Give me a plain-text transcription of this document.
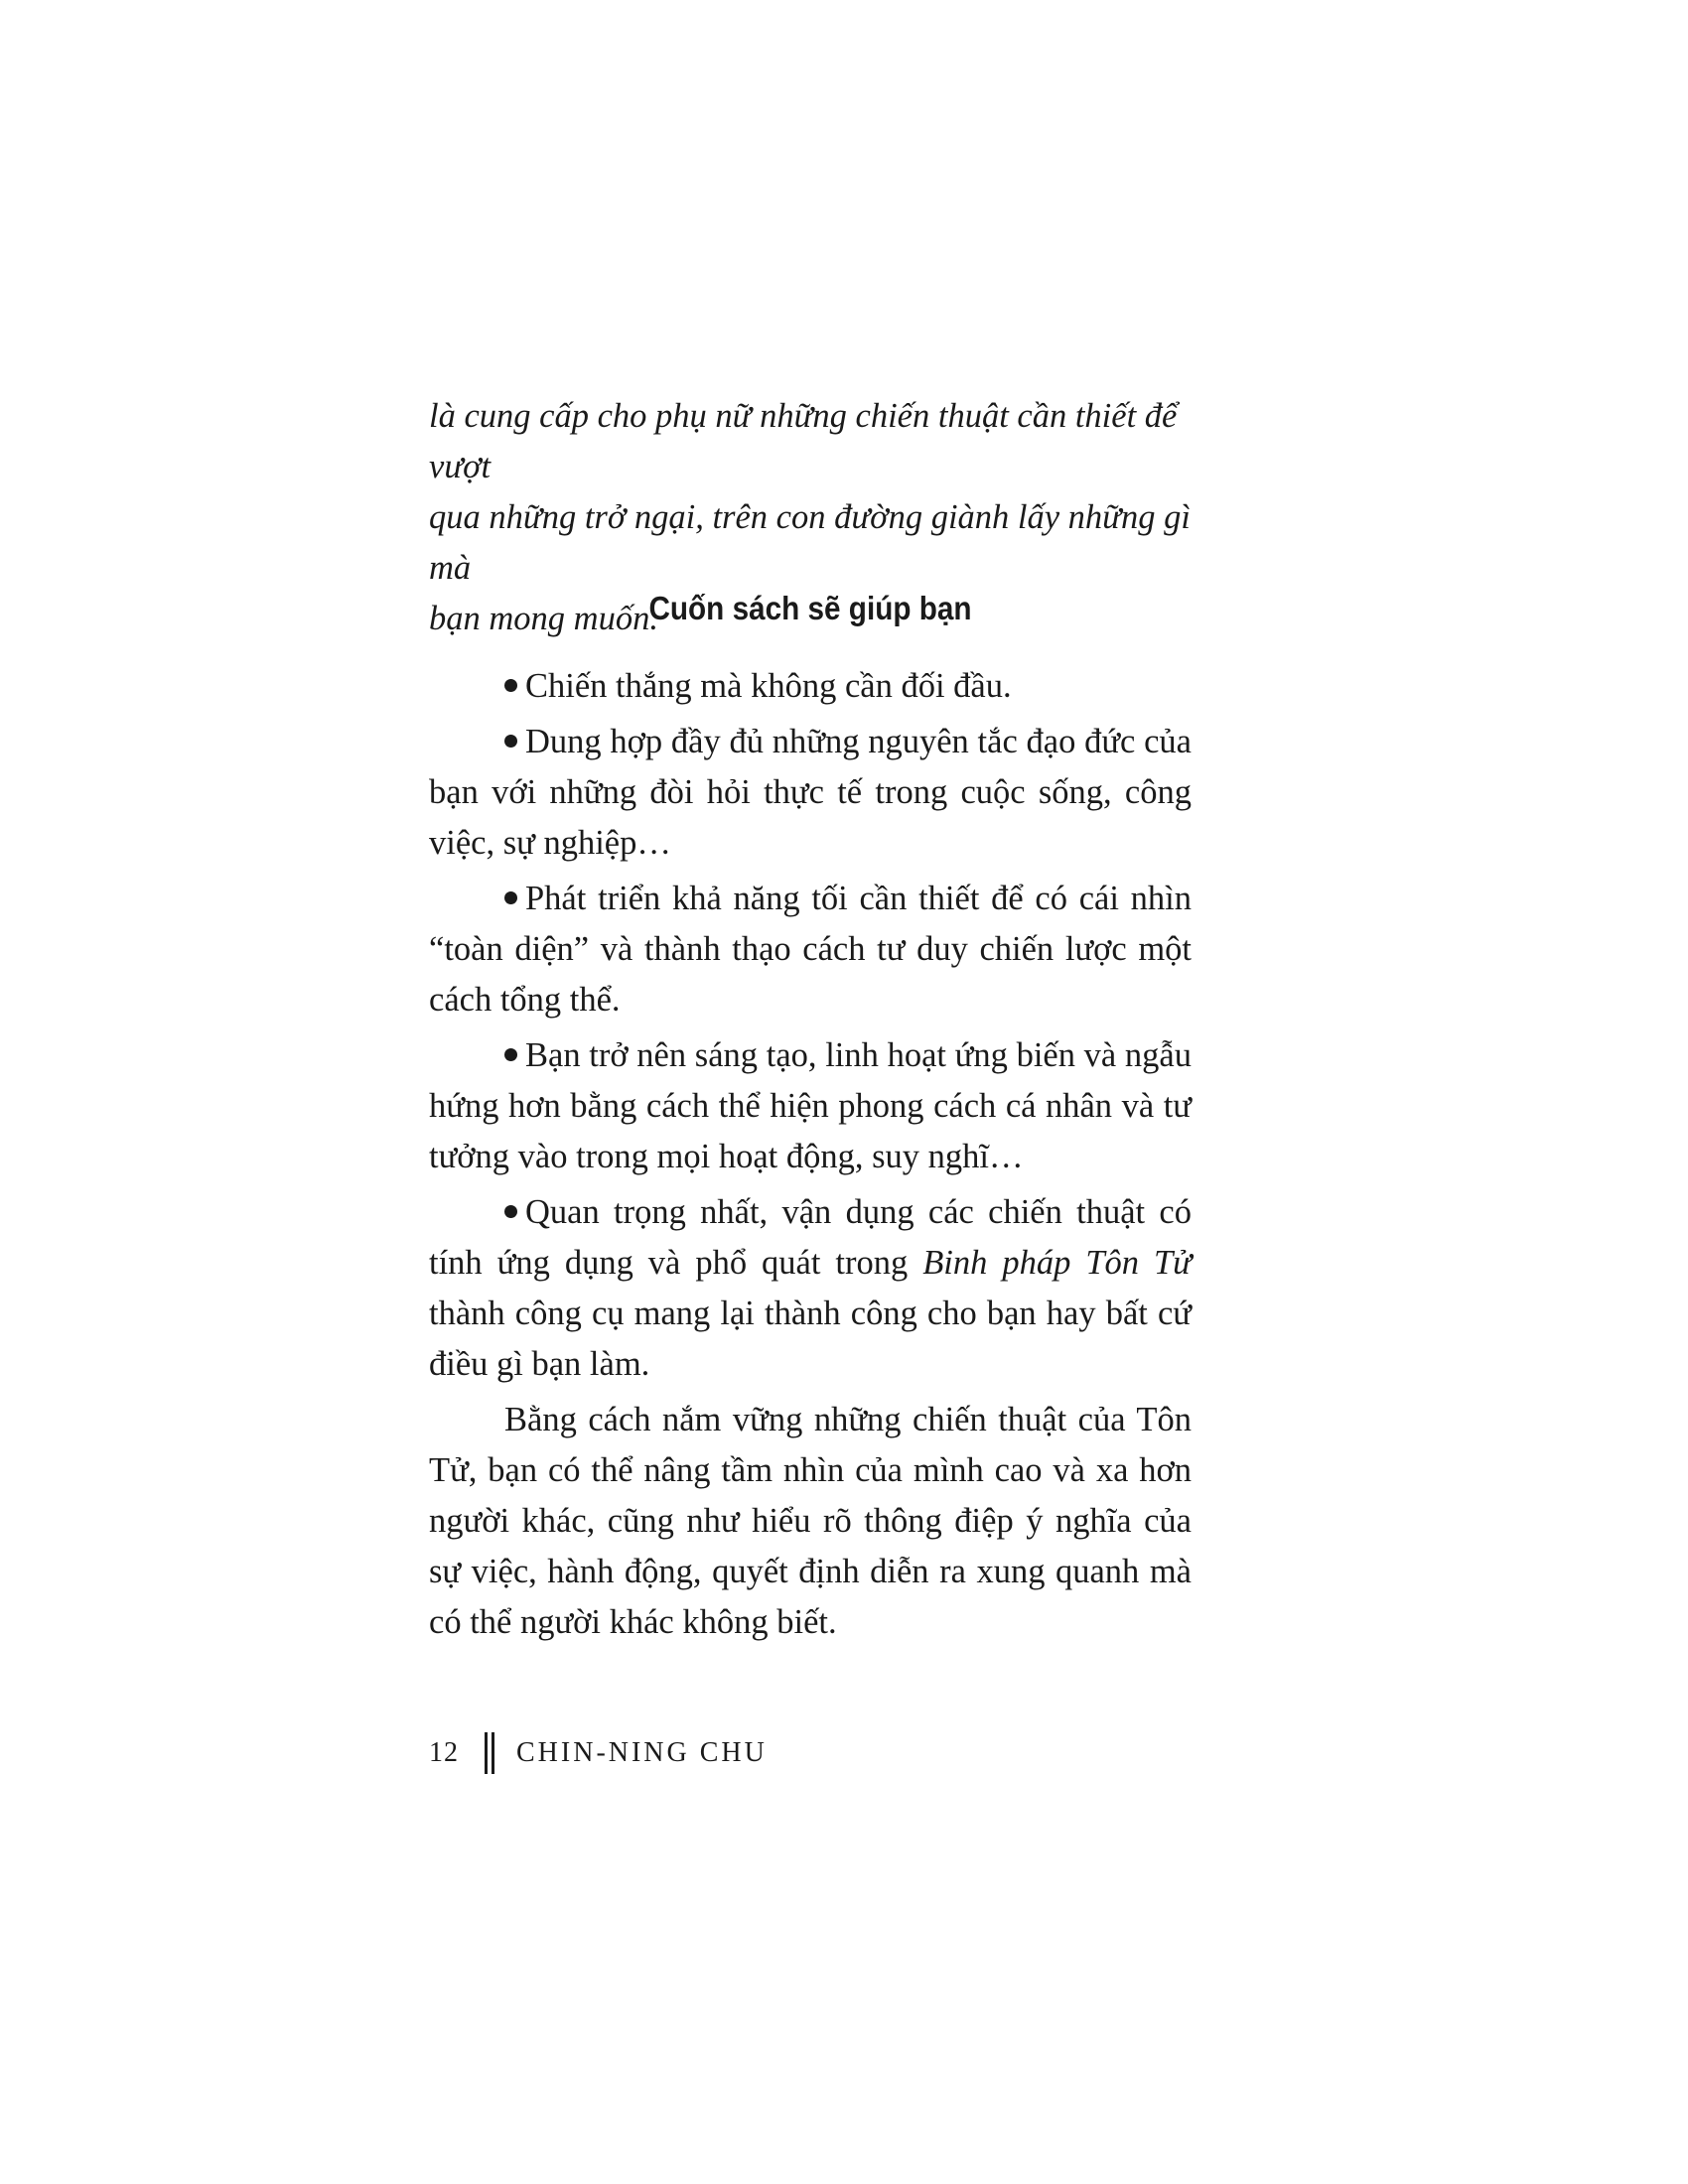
là cung cấp cho phụ nữ những chiến thuật cần thiết để vượt

qua những trở ngại, trên con đường giành lấy những gì mà

bạn mong muốn.

Cuốn sách sẽ giúp bạn

Chiến thắng mà không cần đối đầu.

Dung hợp đầy đủ những nguyên tắc đạo đức của bạn với những đòi hỏi thực tế trong cuộc sống, công việc, sự nghiệp…

Phát triển khả năng tối cần thiết để có cái nhìn “toàn diện” và thành thạo cách tư duy chiến lược một cách tổng thể.

Bạn trở nên sáng tạo, linh hoạt ứng biến và ngẫu hứng hơn bằng cách thể hiện phong cách cá nhân và tư tưởng vào trong mọi hoạt động, suy nghĩ…

Quan trọng nhất, vận dụng các chiến thuật có tính ứng dụng và phổ quát trong Binh pháp Tôn Tử thành công cụ mang lại thành công cho bạn hay bất cứ điều gì bạn làm.

Bằng cách nắm vững những chiến thuật của Tôn Tử, bạn có thể nâng tầm nhìn của mình cao và xa hơn người khác, cũng như hiểu rõ thông điệp ý nghĩa của sự việc, hành động, quyết định diễn ra xung quanh mà có thể người khác không biết.

12 CHIN-NING CHU
